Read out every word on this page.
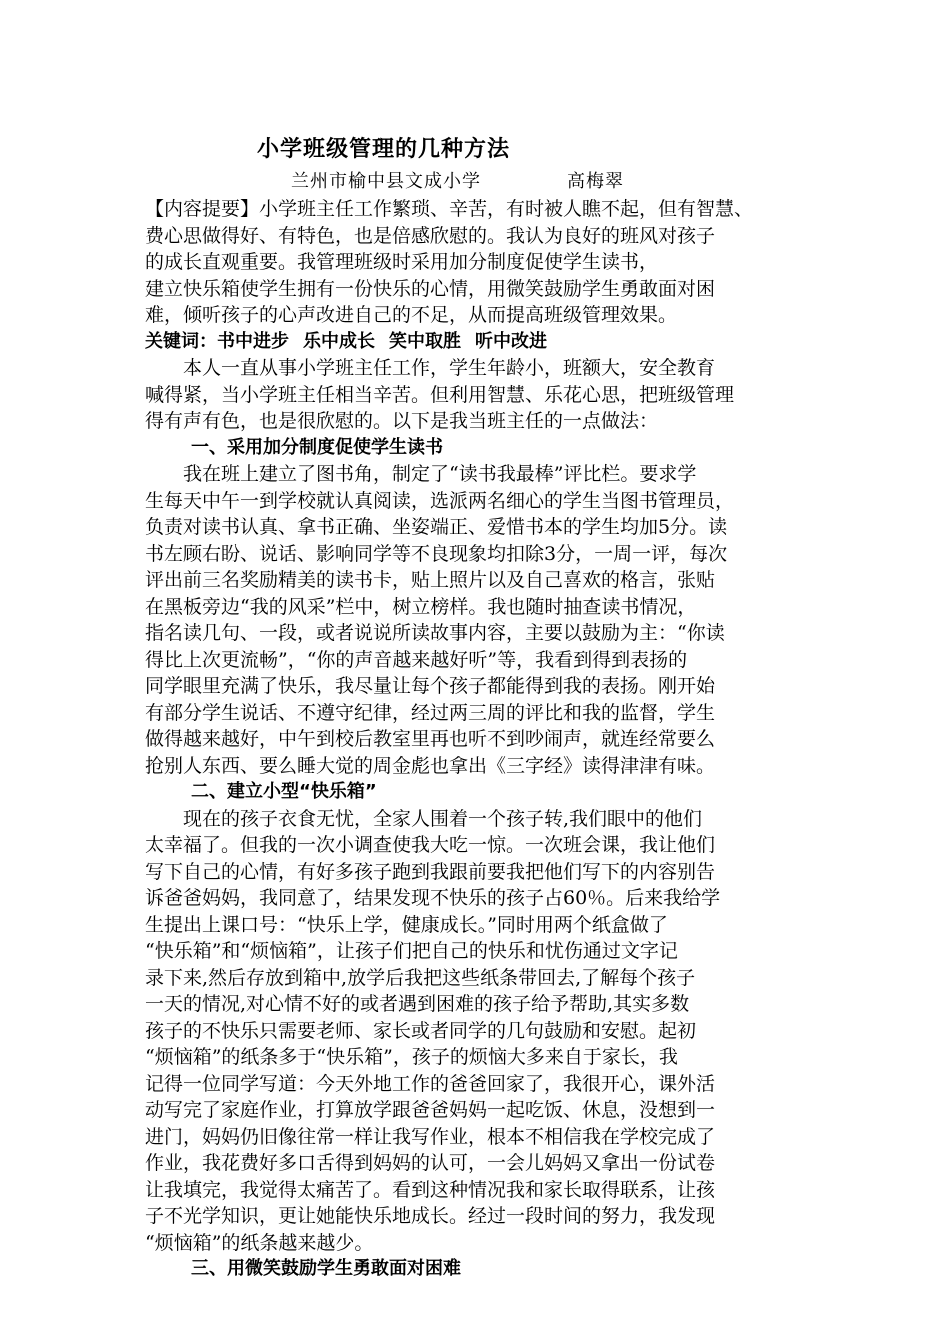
小学班级管理的几种方法

兰州市榆中县文成小学	高梅翠

【内容提要】小学班主任工作繁琐、辛苦，有时被人瞧不起，但有智慧、
费心思做得好、有特色，也是倍感欣慰的。我认为良好的班风对孩子
的成长直观重要。我管理班级时采用加分制度促使学生读书，
建立快乐箱使学生拥有一份快乐的心情，用微笑鼓励学生勇敢面对困
难，倾听孩子的心声改进自己的不足，从而提高班级管理效果。

关键词：书中进步 乐中成长 笑中取胜 听中改进

本人一直从事小学班主任工作，学生年龄小，班额大，安全教育
喊得紧，当小学班主任相当辛苦。但利用智慧、乐花心思，把班级管理
得有声有色，也是很欣慰的。以下是我当班主任的一点做法：

一、采用加分制度促使学生读书

我在班上建立了图书角，制定了“读书我最棒”评比栏。要求学
生每天中午一到学校就认真阅读，选派两名细心的学生当图书管理员，
负责对读书认真、拿书正确、坐姿端正、爱惜书本的学生均加5分。读
书左顾右盼、说话、影响同学等不良现象均扣除3分，一周一评，每次
评出前三名奖励精美的读书卡，贴上照片以及自己喜欢的格言，张贴
在黑板旁边“我的风采”栏中，树立榜样。我也随时抽查读书情况，
指名读几句、一段，或者说说所读故事内容，主要以鼓励为主：“你读
得比上次更流畅”，“你的声音越来越好听”等，我看到得到表扬的
同学眼里充满了快乐，我尽量让每个孩子都能得到我的表扬。刚开始
有部分学生说话、不遵守纪律，经过两三周的评比和我的监督，学生
做得越来越好，中午到校后教室里再也听不到吵闹声，就连经常要么
抢别人东西、要么睡大觉的周金彪也拿出《三字经》读得津津有味。

二、建立小型“快乐箱”

现在的孩子衣食无忧，全家人围着一个孩子转,我们眼中的他们
太幸福了。但我的一次小调查使我大吃一惊。一次班会课，我让他们
写下自己的心情，有好多孩子跑到我跟前要我把他们写下的内容别告
诉爸爸妈妈，我同意了，结果发现不快乐的孩子占60％。后来我给学
生提出上课口号：“快乐上学，健康成长。”同时用两个纸盒做了
“快乐箱”和“烦恼箱”，让孩子们把自己的快乐和忧伤通过文字记
录下来,然后存放到箱中,放学后我把这些纸条带回去,了解每个孩子
一天的情况,对心情不好的或者遇到困难的孩子给予帮助,其实多数
孩子的不快乐只需要老师、家长或者同学的几句鼓励和安慰。起初
“烦恼箱”的纸条多于“快乐箱”，孩子的烦恼大多来自于家长，我
记得一位同学写道：今天外地工作的爸爸回家了，我很开心，课外活
动写完了家庭作业，打算放学跟爸爸妈妈一起吃饭、休息，没想到一
进门，妈妈仍旧像往常一样让我写作业，根本不相信我在学校完成了
作业，我花费好多口舌得到妈妈的认可，一会儿妈妈又拿出一份试卷
让我填完，我觉得太痛苦了。看到这种情况我和家长取得联系，让孩
子不光学知识，更让她能快乐地成长。经过一段时间的努力，我发现
“烦恼箱”的纸条越来越少。

三、用微笑鼓励学生勇敢面对困难
